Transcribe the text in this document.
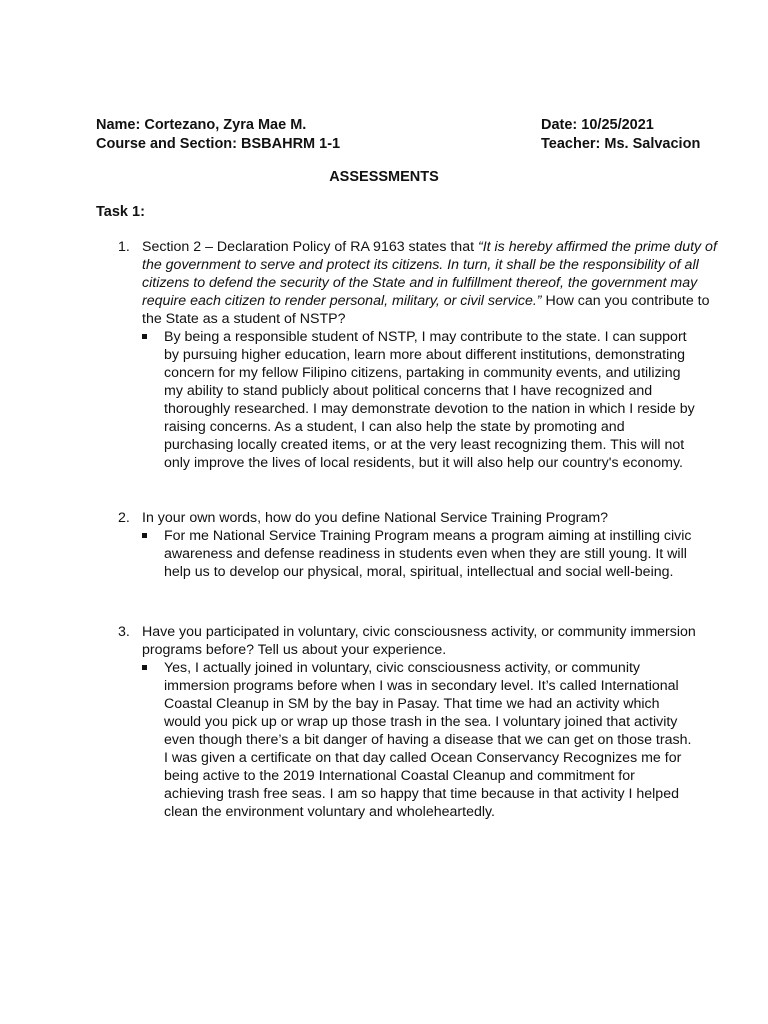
Name: Cortezano, Zyra Mae M.
Course and Section: BSBAHRM 1-1
Date: 10/25/2021
Teacher: Ms. Salvacion
ASSESSMENTS
Task 1:
1. Section 2 – Declaration Policy of RA 9163 states that “It is hereby affirmed the prime duty of the government to serve and protect its citizens. In turn, it shall be the responsibility of all citizens to defend the security of the State and in fulfillment thereof, the government may require each citizen to render personal, military, or civil service.” How can you contribute to the State as a student of NSTP?
By being a responsible student of NSTP, I may contribute to the state. I can support by pursuing higher education, learn more about different institutions, demonstrating concern for my fellow Filipino citizens, partaking in community events, and utilizing my ability to stand publicly about political concerns that I have recognized and thoroughly researched. I may demonstrate devotion to the nation in which I reside by raising concerns. As a student, I can also help the state by promoting and purchasing locally created items, or at the very least recognizing them. This will not only improve the lives of local residents, but it will also help our country's economy.
2. In your own words, how do you define National Service Training Program?
For me National Service Training Program means a program aiming at instilling civic awareness and defense readiness in students even when they are still young. It will help us to develop our physical, moral, spiritual, intellectual and social well-being.
3. Have you participated in voluntary, civic consciousness activity, or community immersion programs before? Tell us about your experience.
Yes, I actually joined in voluntary, civic consciousness activity, or community immersion programs before when I was in secondary level. It’s called International Coastal Cleanup in SM by the bay in Pasay. That time we had an activity which would you pick up or wrap up those trash in the sea. I voluntary joined that activity even though there’s a bit danger of having a disease that we can get on those trash. I was given a certificate on that day called Ocean Conservancy Recognizes me for being active to the 2019 International Coastal Cleanup and commitment for achieving trash free seas. I am so happy that time because in that activity I helped clean the environment voluntary and wholeheartedly.
